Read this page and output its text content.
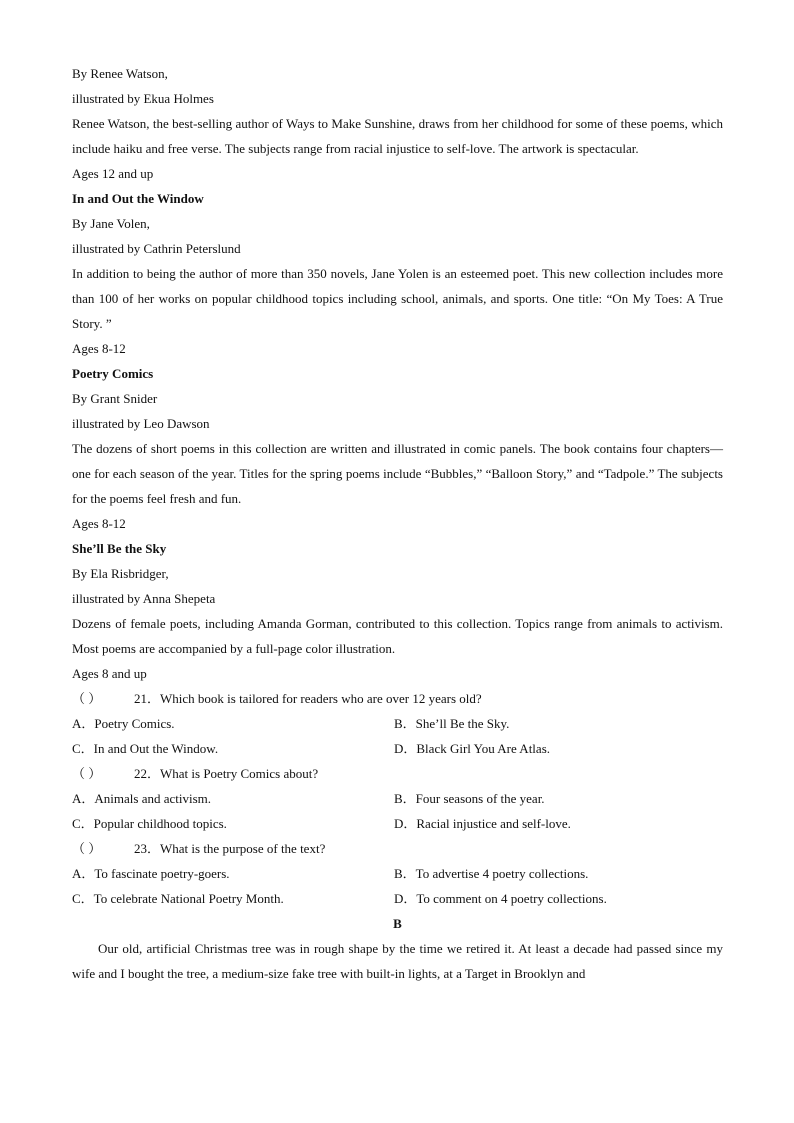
By Renee Watson,
illustrated by Ekua Holmes
Renee Watson, the best-selling author of Ways to Make Sunshine, draws from her childhood for some of these poems, which include haiku and free verse. The subjects range from racial injustice to self-love. The artwork is spectacular.
Ages 12 and up
In and Out the Window
By Jane Volen,
illustrated by Cathrin Peterslund
In addition to being the author of more than 350 novels, Jane Yolen is an esteemed poet. This new collection includes more than 100 of her works on popular childhood topics including school, animals, and sports. One title: “On My Toes: A True Story. ”
Ages 8-12
Poetry Comics
By Grant Snider
illustrated by Leo Dawson
The dozens of short poems in this collection are written and illustrated in comic panels. The book contains four chapters—one for each season of the year. Titles for the spring poems include “Bubbles,” “Balloon Story,” and “Tadpole.” The subjects for the poems feel fresh and fun.
Ages 8-12
She’ll Be the Sky
By Ela Risbridger,
illustrated by Anna Shepeta
Dozens of female poets, including Amanda Gorman, contributed to this collection. Topics range from animals to activism. Most poems are accompanied by a full-page color illustration.
Ages 8 and up
（ ）	21．Which book is tailored for readers who are over 12 years old?
A．Poetry Comics.	B．She’ll Be the Sky.
C．In and Out the Window.	D．Black Girl You Are Atlas.
（ ）	22．What is Poetry Comics about?
A．Animals and activism.	B．Four seasons of the year.
C．Popular childhood topics.	D．Racial injustice and self-love.
（ ）	23．What is the purpose of the text?
A．To fascinate poetry-goers.	B．To advertise 4 poetry collections.
C．To celebrate National Poetry Month.	D．To comment on 4 poetry collections.
B
Our old, artificial Christmas tree was in rough shape by the time we retired it. At least a decade had passed since my wife and I bought the tree, a medium-size fake tree with built-in lights, at a Target in Brooklyn and
